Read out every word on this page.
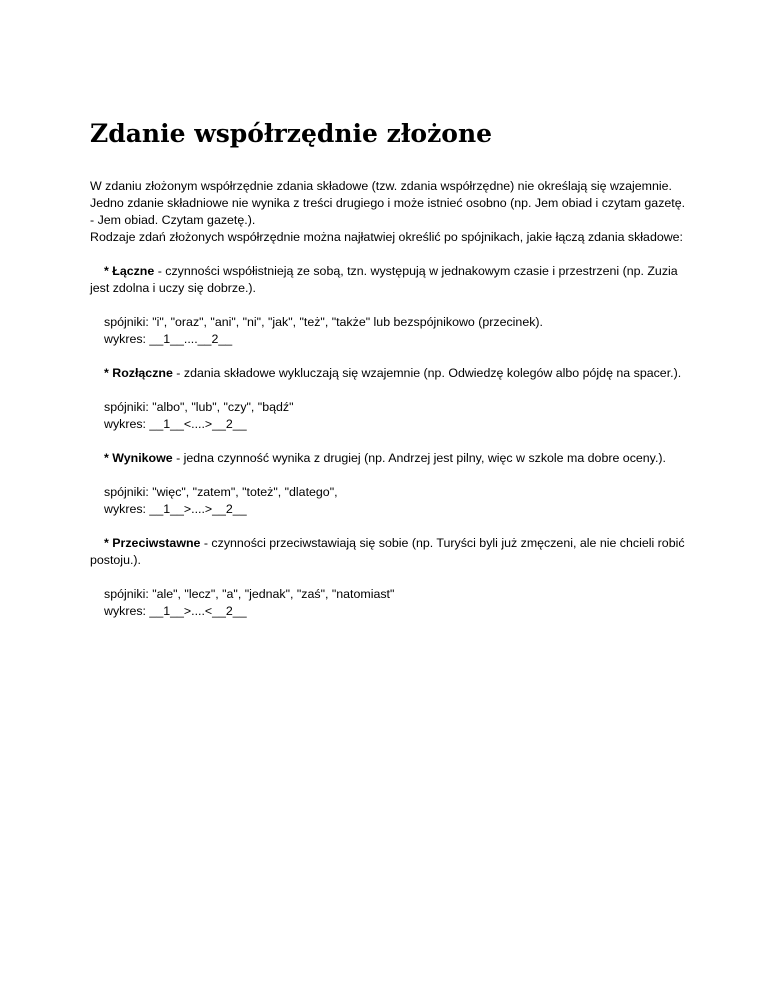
Zdanie współrzędnie złożone

W zdaniu złożonym współrzędnie zdania składowe (tzw. zdania współrzędne) nie określają się wzajemnie. Jedno zdanie składniowe nie wynika z treści drugiego i może istnieć osobno (np. Jem obiad i czytam gazetę. - Jem obiad. Czytam gazetę.).

Rodzaje zdań złożonych współrzędnie można najłatwiej określić po spójnikach, jakie łączą zdania składowe:

* Łączne - czynności współistnieją ze sobą, tzn. występują w jednakowym czasie i przestrzeni (np. Zuzia jest zdolna i uczy się dobrze.).

spójniki: "i", "oraz", "ani", "ni", "jak", "też", "także" lub bezspójnikowo (przecinek).

wykres: __1__....__2__

* Rozłączne - zdania składowe wykluczają się wzajemnie (np. Odwiedzę kolegów albo pójdę na spacer.).

spójniki: "albo", "lub", "czy", "bądź"

wykres: __1__<....>__2__

* Wynikowe - jedna czynność wynika z drugiej (np. Andrzej jest pilny, więc w szkole ma dobre oceny.).

spójniki: "więc", "zatem", "toteż", "dlatego",

wykres: __1__>....>__2__

* Przeciwstawne - czynności przeciwstawiają się sobie (np. Turyści byli już zmęczeni, ale nie chcieli robić postoju.).

spójniki: "ale", "lecz", "a", "jednak", "zaś", "natomiast"

wykres: __1__>....<__2__
